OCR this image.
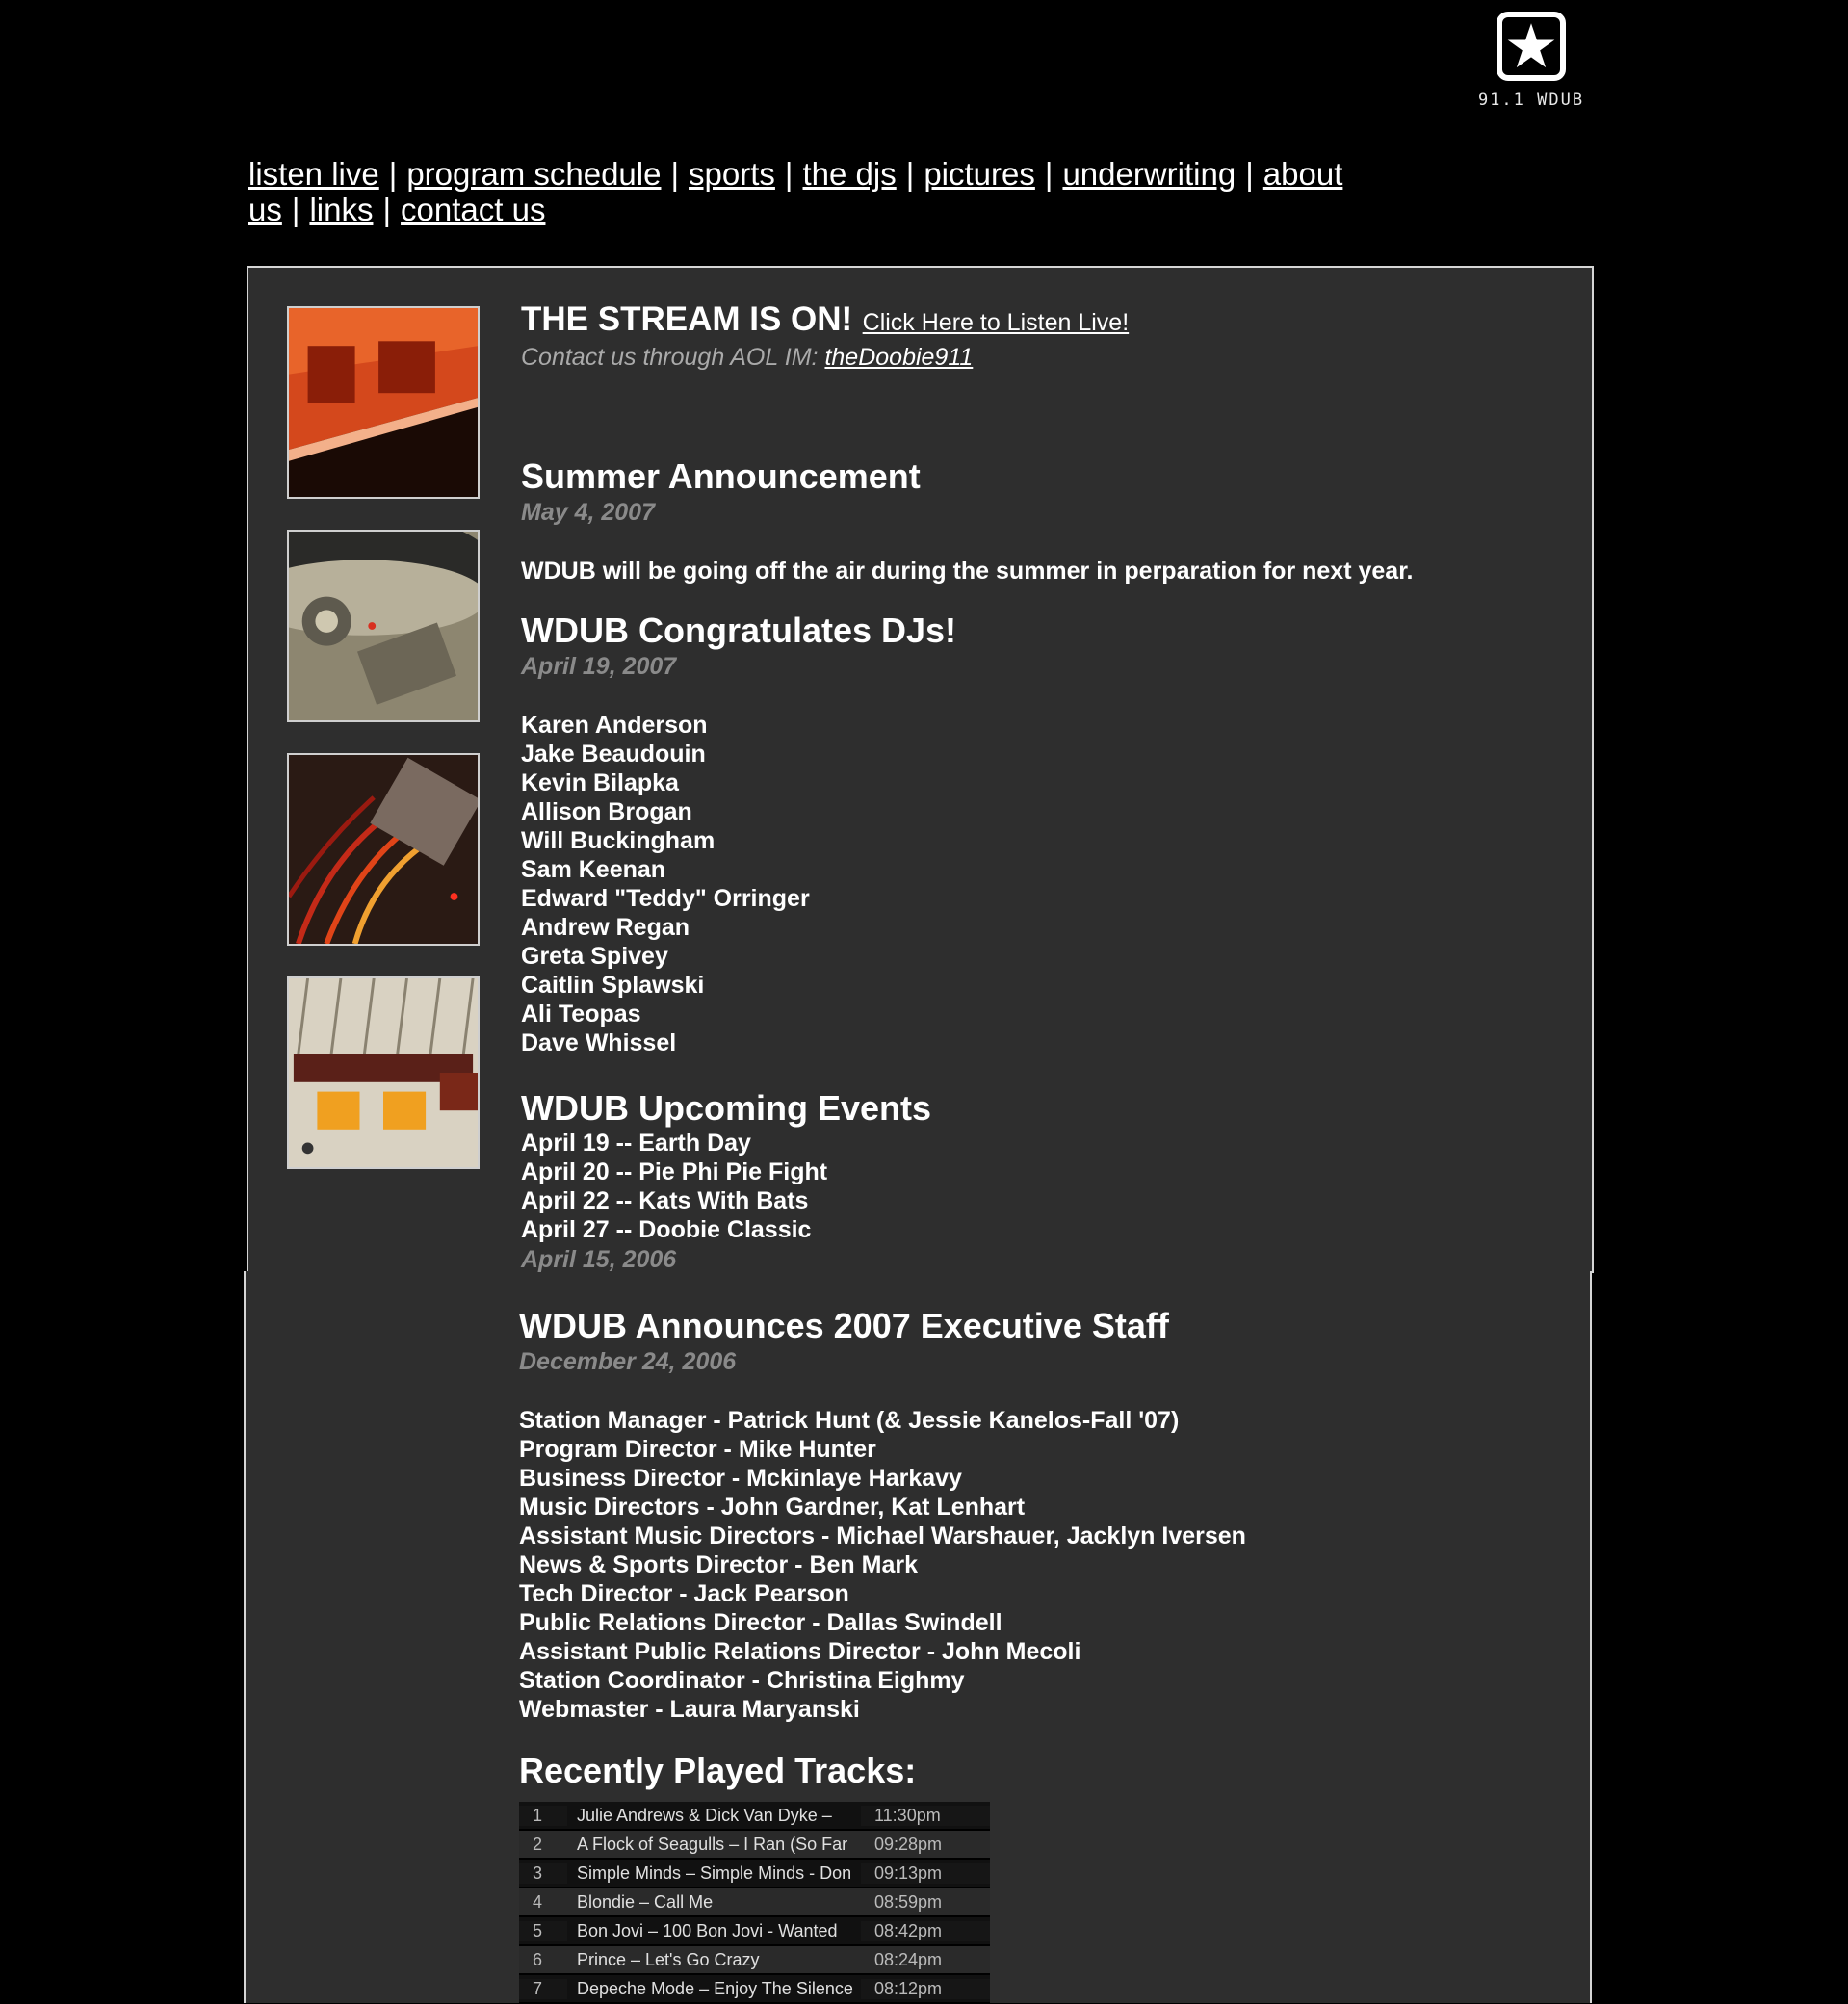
91.1 WDUB
listen live | program schedule | sports | the djs | pictures | underwriting | about us | links | contact us
THE STREAM IS ON! Click Here to Listen Live!
Contact us through AOL IM: theDoobie911
Summer Announcement
May 4, 2007
WDUB will be going off the air during the summer in perparation for next year.
WDUB Congratulates DJs!
April 19, 2007
Karen Anderson
Jake Beaudouin
Kevin Bilapka
Allison Brogan
Will Buckingham
Sam Keenan
Edward "Teddy" Orringer
Andrew Regan
Greta Spivey
Caitlin Splawski
Ali Teopas
Dave Whissel
WDUB Upcoming Events
April 19 -- Earth Day
April 20 -- Pie Phi Pie Fight
April 22 -- Kats With Bats
April 27 -- Doobie Classic
April 15, 2006
WDUB Announces 2007 Executive Staff
December 24, 2006
Station Manager - Patrick Hunt (& Jessie Kanelos-Fall '07)
Program Director - Mike Hunter
Business Director - Mckinlaye Harkavy
Music Directors - John Gardner, Kat Lenhart
Assistant Music Directors - Michael Warshauer, Jacklyn Iversen
News & Sports Director - Ben Mark
Tech Director - Jack Pearson
Public Relations Director - Dallas Swindell
Assistant Public Relations Director - John Mecoli
Station Coordinator - Christina Eighmy
Webmaster - Laura Maryanski
Recently Played Tracks:
1	Julie Andrews & Dick Van Dyke –	11:30pm
2	A Flock of Seagulls – I Ran (So Far	09:28pm
3	Simple Minds – Simple Minds - Don	09:13pm
4	Blondie – Call Me	08:59pm
5	Bon Jovi – 100 Bon Jovi - Wanted	08:42pm
6	Prince – Let's Go Crazy	08:24pm
7	Depeche Mode – Enjoy The Silence	08:12pm
